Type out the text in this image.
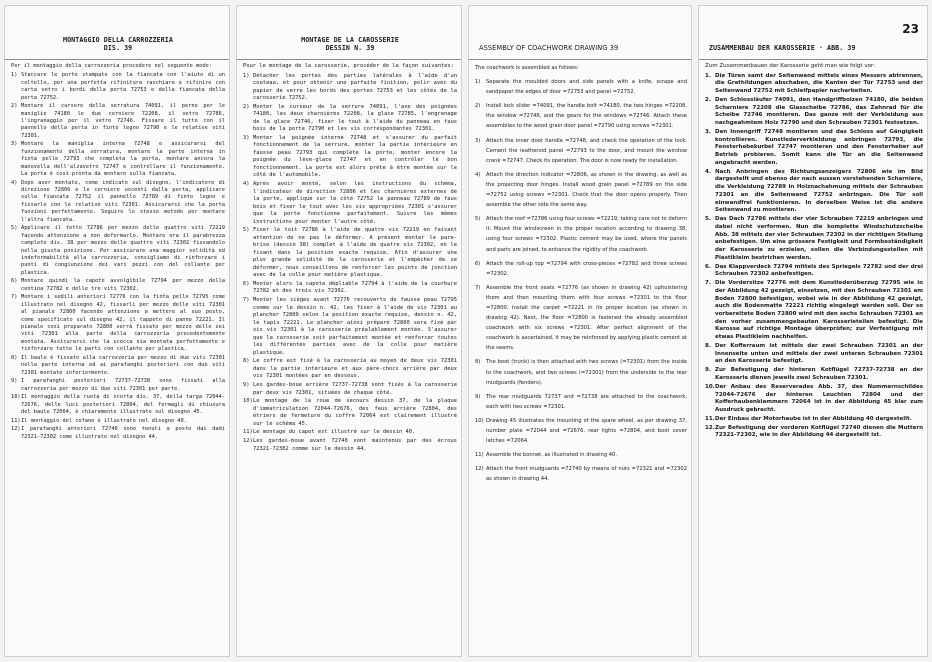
MONTAGGIO DELLA CARROZZERIA
DIS. 39

Per il montaggio della carrozzeria procedere nel seguente modo:

1) Staccare le porte stampate con la fiancata con l'aiuto di un coltello, per una perfetta rifinitura raschiare e rifinire con carta vetro i bordi della porta 72753 e della fiancata della porta 72752.
2) Montare il cursore della serratura 74091, il perno per le maniglie 74180 le due cerniere 72208, il vetro 72786, l'ingranaggio per il vetro 72746. Fissare il tutto con il pannello della porta in finto legno 72790 e le relative viti 72301.
3) Montare la maniglia interna 72748 e assicurarsi del funzionamento della serratura, montare la parte interna in finta pelle 72793 che completa la porta, montare ancora la manovella dell'alzavetro 72747 e controllare il funzionamento. La porta è così pronta da montare sulla fiancata.
4) Dopo aver montato, come indicato sul disegno, l'indicatore di direzione 72806 e le cerniere uscenti dalla porta, applicare sulla fiancata 72752 il pannello 72789 di finto legno e fissarlo con le relative viti 72301. Assicurarsi che la porta funzioni perfettamente. Seguire lo stesso metodo per montare l'altra fiancata.
5) Applicare il tetto 72786 per mezzo delle quattro viti 72219 facendo attenzione a non deformarlo. Montare ora il parabrezza completo dis. 38 per mezzo delle quattro viti 72302 fissandolo nella giusta posizione. Per assicurare una maggior solidità ed indeformabilità alla carrozzeria, consigliamo di rinforzare i punti di congiunzione dei vari pezzi con del collante per plastica.
6) Montare quindi la capote avvolgibile 72794 per mezzo della centina 72782 e delle tre viti 72302.
7) Montare i sedili anteriori 72776 con la finta pelle 72795 come illustrato nel disegno 42, fissarli per mezzo delle viti 72301 al pianale 72800 facendo attenzione a mettere al suo posto, come specificato sul disegno 42, il tappeto di panno 72221. Il pianale così preparato 72800 verrà fissato per mezzo delle sei viti 72301 alla parte della carrozzeria precedentemente montata. Assicurarsi che la scocca sia montata perfettamente e rinforzare tutte le parti con collante per plastica.
8) Il baule è fissato alla carrozzeria per mezzo di due viti 72301 nella parte interna ed ai parafanghi posteriori con due viti 72301 montate inferiormente.
9) I parafanghi posteriori 72737-72738 sono fissati alla carrozzeria per mezzo di due viti 72301 per parte.
10) Il montaggio della ruota di scorta dis. 37, della targa 72044-72676, delle luci posteriori 72804, del fermagli di chiusura del baule 72064, è chiaramente illustrato sul disegno 45.
11) Il montaggio del cofano è illustrato nel disegno 40.
12) I parafanghi anteriori 72740 sono tenuti a posto dai dadi 72321-72302 come illustrato nel disegno 44.
MONTAGE DE LA CAROSSERIE
DESSIN N. 39

Pour le montage de la carosserie, procéder de la façon suivantes:

1) Détacher les portes des parties latérales à l'aide d'un couteau, et pour obtenir une parfaite finition, polir avec du papier de verre les bords des portes 72753 et les côtés de la carosserie 72752.
2) Monter le curseur de la serrure 74091, l'axe des poignées 74180, les deux charnières 72208, la glace 72785, l'engrenage de la glace 72746, fixer le tout à l'aide du panneau en faux bois de la porte 72790 et les vis correspondantes 72301.
3) Monter la poignée interne 72748 et s'assurer du parfait fonctionnement de la serrure, monter la partie intérieure en fausse peau 72793 qui complète la porte, monter encore la poignée du lève-glace 72747 et en contrôler le bon fonctionnement. La porte est alors prête à être montée sur le côté de l'automobile.
4) Après avoir monté, selon les instructions du schéma, l'indicateur de direction 72806 et les charnières externes de la porte, appliqué sur le côté 72752 le panneau 72789 de faux bois et fixer le tout avec les vis appropriées 72301 s'assurer que la porte fonctionne parfaitement. Suivre les mêmes instructions pour monter l'autre côté.
5) Fixer le toit 72786 à l'aide de quatre vis 72219 en faisant attention de ne pas le déformer. A présent monter le pare-brise (dessin 38) complet à l'aide de quatre vis 72302, en le fixant dans la position exacte requise. Afin d'assurer une plus grande solidité de la carosserie et l'empêcher de se déformer, nous conseillons de renforcer les points de jonction avec de la colle pour matière plastique.
6) Monter alors la capote dépliable 72794 à l'aide de la courbure 72782 et des trois vis 72302.
7) Monter les sièges avant 72776 recouverts de fausse peau 72795 comme sur le dessin n. 42, les fixer à l'aide de vis 72301 au plancher 72800 selon la position exacte requise, dessin n. 42, le tapis 72221. Le plancher ainsi préparé 72800 sera fixé par six vis 72301 à la carosserie préalablement montée. S'assurer que la carosserie soit parfaitement montée et renforcer toutes les différentes parties avec de la colle pour matière plastique.
8) Le coffre est fixé à la carosserie au moyen de deux vis 72301 dans la partie intérieure et aux pare-chocs arrière par deux vis 72301 montées par en dessous.
9) Les gardes-boue arrière 72737-72738 sont fixés à la carosserie par deux vis 72301, situées de chaque côté.
10) Le montage de la roue de secours dessin 37, de la plaque d'immatriculation 72044-72676, des feux arrière 72804, des étriers de fermeture du coffre 72064 est clairement illustré sur le schéma 45.
11) Le montage du capot est illustré sur le dessin 40.
12) Les gardes-boue avant 72740 sont maintenus par des écrous 72321-72302 comme sur le dessin 44.
ASSEMBLY OF COACHWORK DRAWING 39

The coachwork is assembled as follows:

1) Separate the moulded doors and side panels with a knife, scrape and sandpaper the edges of door =72753 and panel =72752.
2) Install lock slider =74091, the handle bolt =74180, the two hinges =72208, the window =72746, and the gears for the windows =72746. Attach these assemblies to the wood grain door panel =72790 using screws =72301.
3) Attach the inner door handle =72748, and check the operation of the lock. Cement the leatheroid panel =72793 to the door, and mount the window crank =72747. Check its operation. The door is now ready for installation.
4) Attach the direction indicator =72806, as shown in the drawing, as well as the projecting door hinges. Install wood grain panel =72789 on the side =72752 using screws =72301. Check that the door opens properly. Then assemble the other side the same way.
5) Attach the roof =72786 using four screws =72219, taking care not to deform it. Mount the windscreen in the proper location according to drawing 38, using four screws =72302. Plastic cement may be used, where the panels and parts are joined, to enhance the rigidity of the coachwork.
6) Attach the roll-up top =72794 with cross-pieces =72782 and three screws =72302.
7) Assemble the front seats =72776 (as shown in drawing 42) upholstering them and then mounting them with four screws =72301 to the floor =72800. Install the carpet =72221 in its proper location (as shown in drawing 42). Next, the floor =72800 is fastened the already assembled coachwork with six screws =72301. After perfect alignment of the coachwork is ascertained, it may be reinforced by applying plastic cement at the seams.
8) The boot (trunk) is then attached with two screws (=72301) from the inside to the coachwork, and two screws (=72301) from the underside to the rear mudguards (fenders).
9) The rear mudguards 72737 and =72738 are attached to the coachwork, each with two screws =72301.
10) Drawing 45 illustrates the mounting of the spare wheel, as per drawing 37, number plate =72044 and =72676, rear lights =72804, and boot cover latches =72064.
11) Assemble the bonnet, as illustrated in drawing 40.
12) Attach the front mudguards =72740 by means of nuts =72321 and =72302 as shown in drawing 44.
23
ZUSAMMENBAU DER KAROSSERIE · ABB. 39

Zum Zusammenbauen der Karosserie geht man wie folgt vor:

1. Die Türen samt der Seitenwand mittels eines Messers abtrennen, die Grathildungen abschaben, die Kanten der Tür 72753 und der Seitenwand 72752 mit Schleifpapier nacharbeiten.
2. Den Schlossläufer 74091, den Handgriffbolzen 74180, die beiden Scharniere 72208 die Glasscheibe 72786, das Zahnrad für die Scheibe 72746 montieren. Das ganze mit der Verkleidung aus nachgeahmtem Holz 72790 und den Schrauben 72301 festsetzen.
3. Den Innengriff 72748 montieren und das Schloss auf Gängigkeit kontrollieren. Kunstlederverkleidung anbringen 72793, die Fensterhebekurbel 72747 montieren und den Fensterheber auf Betrieb probieren. Somit kann die Tür an die Seitenwand angebracht werden.
4. Nach Anbringen des Richtungsanzeigers 72806 wie im Bild dargestellt und ebenso der nach aussen vorstehenden Scharniere, die Verkleidung 72789 in Holznachahmung mittels der Schrauben 72301 an die Seitenwand 72752 anbringen. Die Tür soll einwandfrei funktionieren. In derselben Weise ist die andere Seitenwand zu montieren.
5. Das Dach 72786 mittels der vier Schrauben 72219 anbringen und dabei nicht verformen. Nun die komplette Windschutzscheibe Abb. 38 mittels der vier Schrauben 72302 in der richtigen Stellung anbefestigen. Um eine grössere Festigkeit und Formbeständigkeit der Karosserie zu erzielen, sollen die Verbindungsstellen mit Plastikleim bestrichen werden.
6. Das Klappverdeck 72794 mittels des Spriegels 72782 und der drei Schrauben 72302 anbefestigen.
7. Die Vordersitze 72776 mit dem Kunstlederüberzug 72795 wie in der Abbildung 42 gezeigt, einsetzen, mit den Schrauben 72301 am Boden 72800 befestigen, wobei wie in der Abbildung 42 gezeigt, auch die Bodenmatte 72221 richtig eingelegt werden soll. Der so vorbereitete Boden 72800 wird mit den sechs Schrauben 72301 an den vorher zusammengebauten Karosserieteilen befestigt. Die Karosse auf richtige Montage überprüfen; zur Verfestigung mit etwas Plastikleim nachhelfen.
8. Der Kofferraum ist mittels der zwei Schrauben 72301 an der Innenseite unten und mittels der zwei unteren Schrauben 72301 an den Karosserie befestigt.
9. Zur Befestigung der hinteren Kotflügel 72737-72738 an der Karosserie dienen jeweils zwei Schrauben 72301.
10. Der Anbau des Reserverades Abb. 37, des Nummernschildes 72044-72676 der hinteren Leuchten 72804 und der Kofferhaubenklammern 72064 ist in der Abbildung 45 klar zum Ausdruck gebracht.
11. Der Einbau der Motorhaube ist in der Abbildung 40 dargestellt.
12. Zur Befestigung der vorderen Kotflügel 72740 dienen die Muttern 72321-72302, wie in der Abbildung 44 dargestellt ist.
